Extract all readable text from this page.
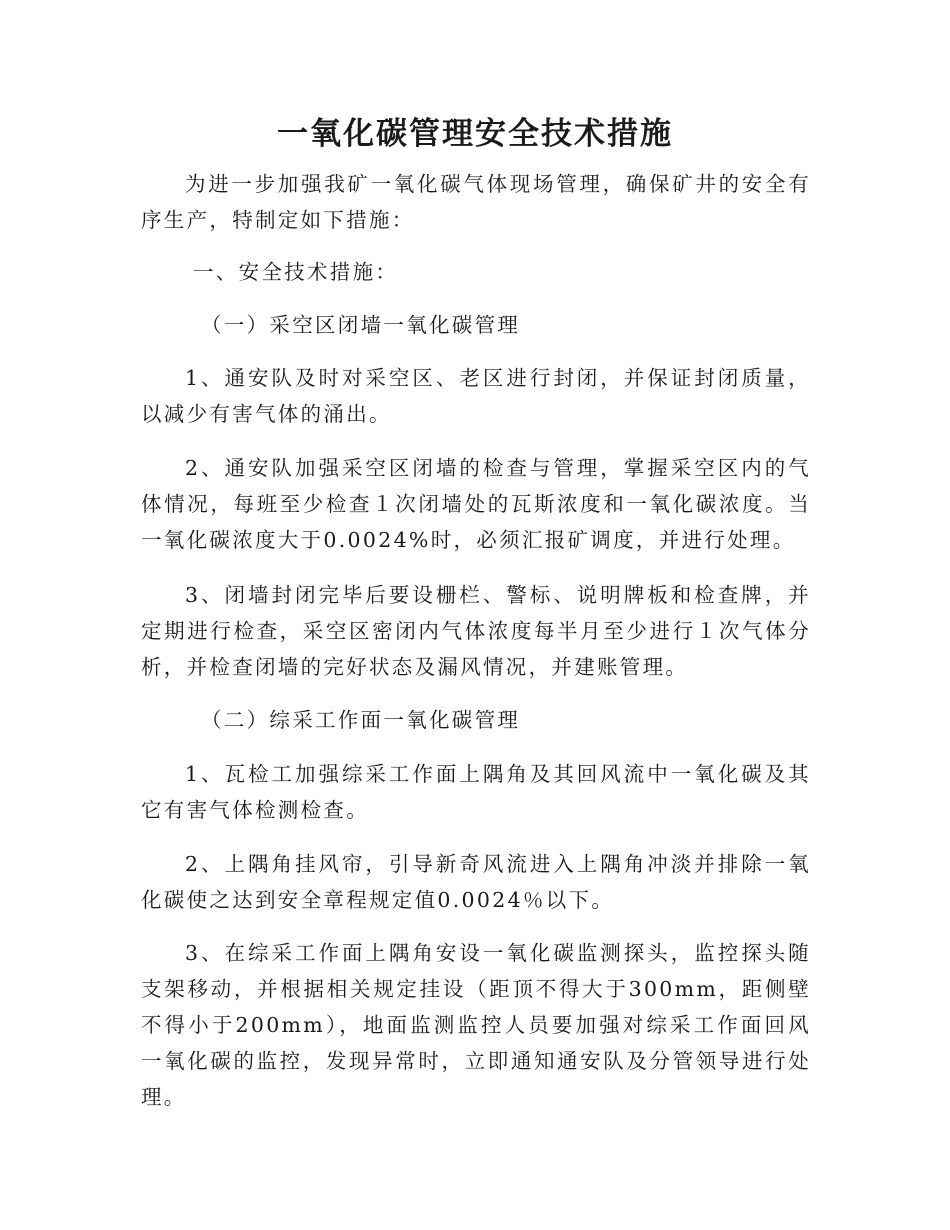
一氧化碳管理安全技术措施

为进一步加强我矿一氧化碳气体现场管理，确保矿井的安全有序生产，特制定如下措施：

一、安全技术措施：

（一）采空区闭墙一氧化碳管理

1、通安队及时对采空区、老区进行封闭，并保证封闭质量，以减少有害气体的涌出。

2、通安队加强采空区闭墙的检查与管理，掌握采空区内的气体情况，每班至少检查１次闭墙处的瓦斯浓度和一氧化碳浓度。当一氧化碳浓度大于0.0024%时，必须汇报矿调度，并进行处理。

3、闭墙封闭完毕后要设栅栏、警标、说明牌板和检查牌，并定期进行检查，采空区密闭内气体浓度每半月至少进行１次气体分析，并检查闭墙的完好状态及漏风情况，并建账管理。

（二）综采工作面一氧化碳管理

1、瓦检工加强综采工作面上隅角及其回风流中一氧化碳及其它有害气体检测检查。

2、上隅角挂风帘，引导新奇风流进入上隅角冲淡并排除一氧化碳使之达到安全章程规定值0.0024％以下。

3、在综采工作面上隅角安设一氧化碳监测探头，监控探头随支架移动，并根据相关规定挂设（距顶不得大于300mm，距侧壁不得小于200mm），地面监测监控人员要加强对综采工作面回风一氧化碳的监控，发现异常时，立即通知通安队及分管领导进行处理。
